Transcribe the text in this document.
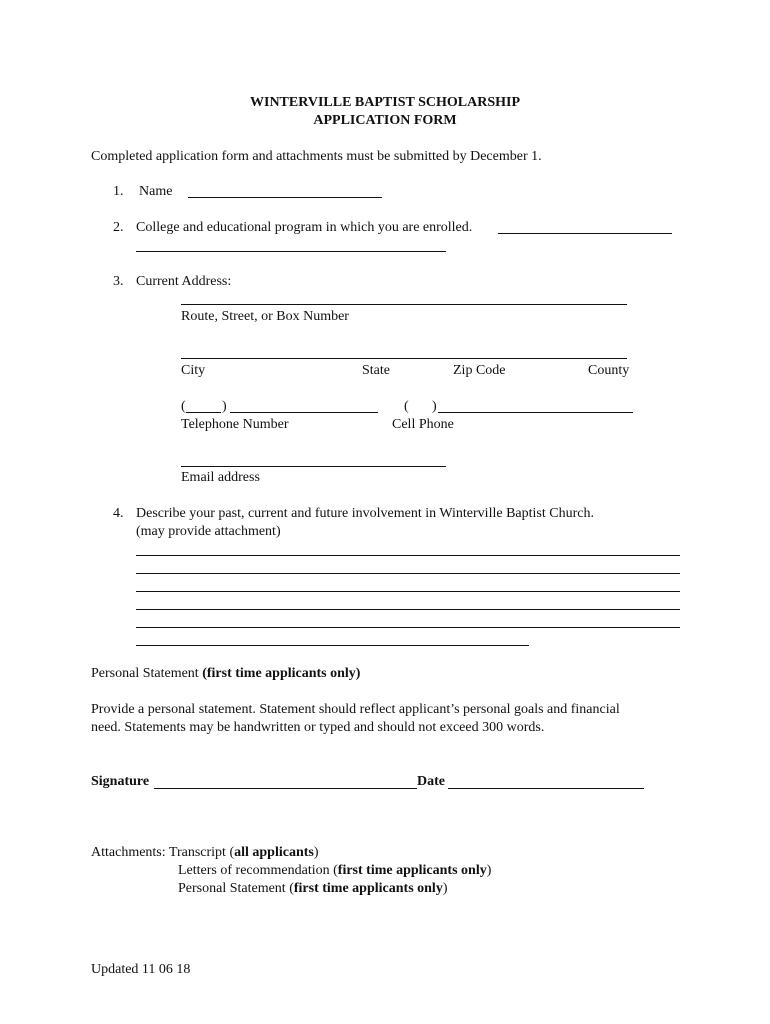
WINTERVILLE BAPTIST SCHOLARSHIP
APPLICATION FORM
Completed application form and attachments must be submitted by December 1.
1. Name
2. College and educational program in which you are enrolled.
3. Current Address:
Route, Street, or Box Number
City	State	Zip Code	County
(	)
Telephone Number
( )
Cell Phone
Email address
4. Describe your past, current and future involvement in Winterville Baptist Church.
(may provide attachment)
Personal Statement (first time applicants only)
Provide a personal statement. Statement should reflect applicant’s personal goals and financial
need. Statements may be handwritten or typed and should not exceed 300 words.
Signature	Date
Attachments: Transcript (all applicants)
Letters of recommendation (first time applicants only)
Personal Statement (first time applicants only)
Updated 11 06 18
